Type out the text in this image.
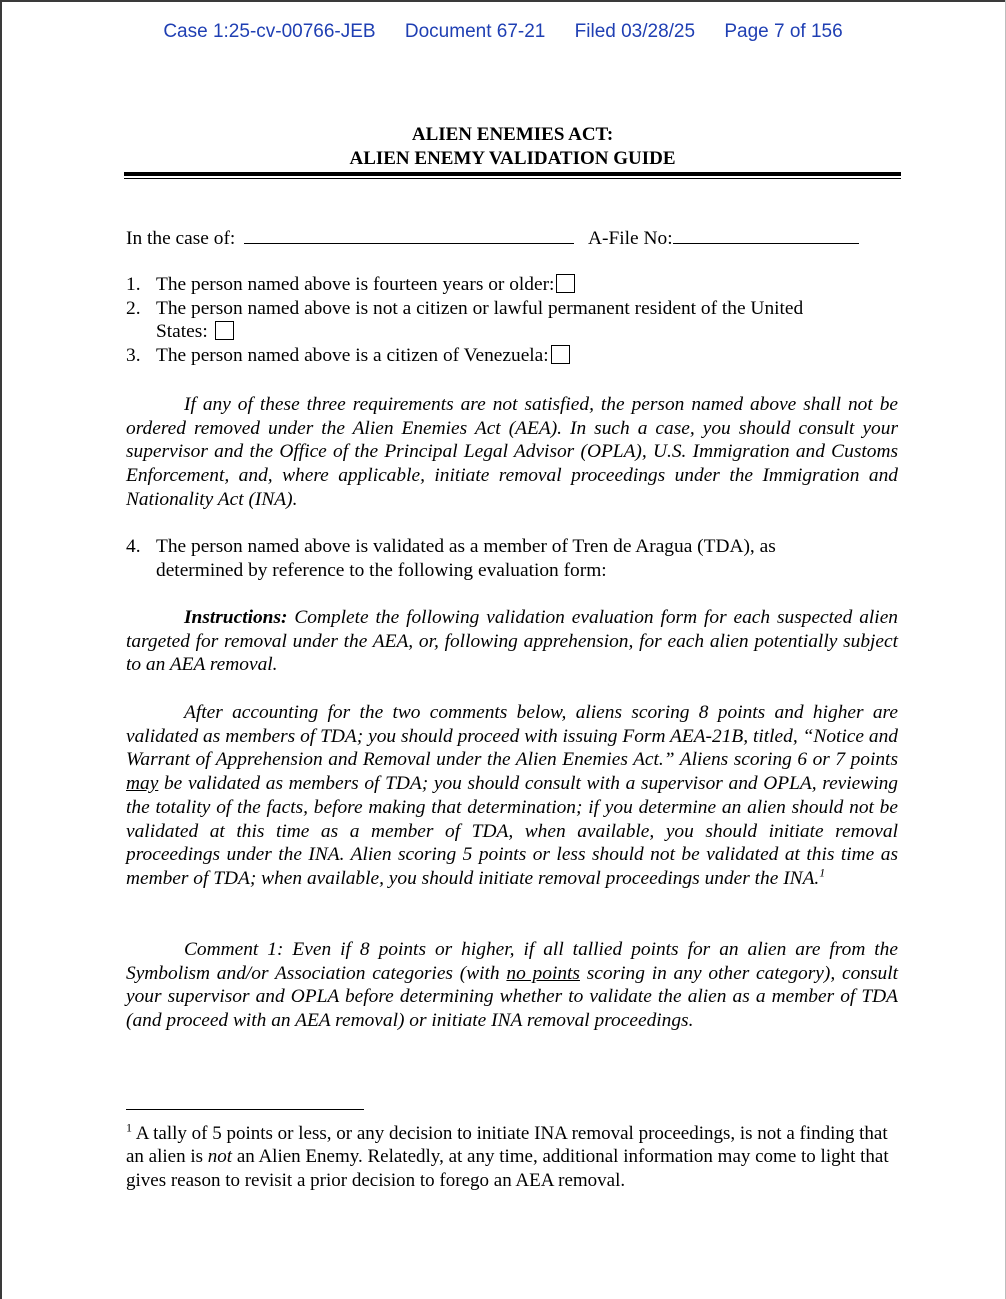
Case 1:25-cv-00766-JEB Document 67-21 Filed 03/28/25 Page 7 of 156
ALIEN ENEMIES ACT:
ALIEN ENEMY VALIDATION GUIDE
In the case of:	A-File No:
1. The person named above is fourteen years or older:
2. The person named above is not a citizen or lawful permanent resident of the United
States:
3. The person named above is a citizen of Venezuela:
If any of these three requirements are not satisfied, the person named above shall not be ordered removed under the Alien Enemies Act (AEA). In such a case, you should consult your supervisor and the Office of the Principal Legal Advisor (OPLA), U.S. Immigration and Customs Enforcement, and, where applicable, initiate removal proceedings under the Immigration and Nationality Act (INA).
4. The person named above is validated as a member of Tren de Aragua (TDA), as
determined by reference to the following evaluation form:
Instructions: Complete the following validation evaluation form for each suspected alien targeted for removal under the AEA, or, following apprehension, for each alien potentially subject to an AEA removal.
After accounting for the two comments below, aliens scoring 8 points and higher are validated as members of TDA; you should proceed with issuing Form AEA-21B, titled, “Notice and Warrant of Apprehension and Removal under the Alien Enemies Act.” Aliens scoring 6 or 7 points may be validated as members of TDA; you should consult with a supervisor and OPLA, reviewing the totality of the facts, before making that determination; if you determine an alien should not be validated at this time as a member of TDA, when available, you should initiate removal proceedings under the INA. Alien scoring 5 points or less should not be validated at this time as member of TDA; when available, you should initiate removal proceedings under the INA.$^1$
Comment 1: Even if 8 points or higher, if all tallied points for an alien are from the Symbolism and/or Association categories (with no points scoring in any other category), consult your supervisor and OPLA before determining whether to validate the alien as a member of TDA (and proceed with an AEA removal) or initiate INA removal proceedings.
$^1$ A tally of 5 points or less, or any decision to initiate INA removal proceedings, is not a finding that an alien is not an Alien Enemy. Relatedly, at any time, additional information may come to light that gives reason to revisit a prior decision to forego an AEA removal.
